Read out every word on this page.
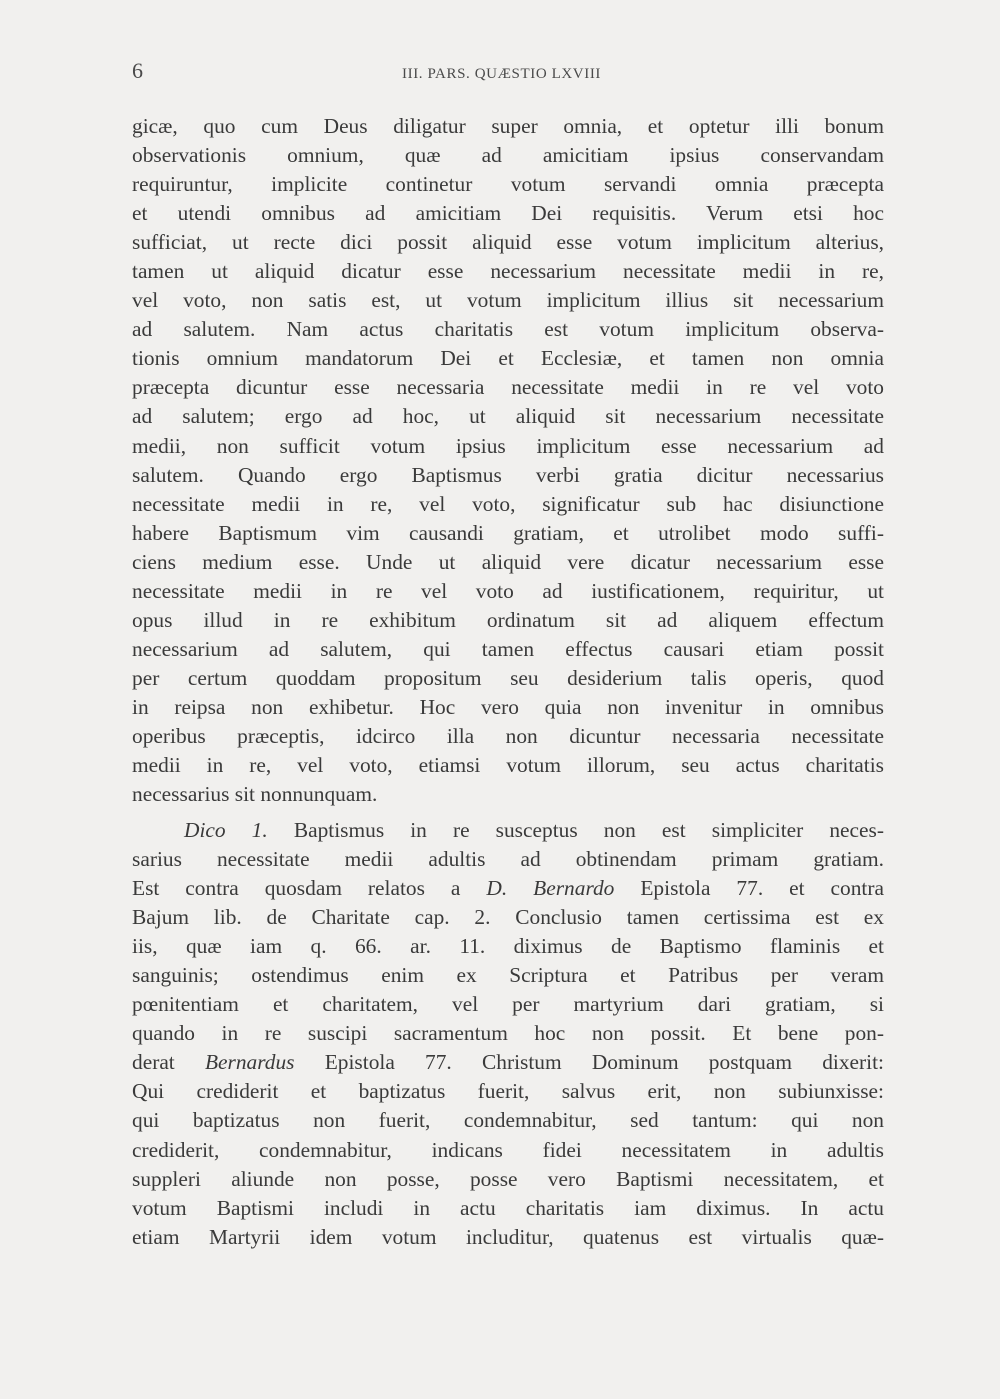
6	III. PARS. QUÆSTIO LXVIII
gicæ, quo cum Deus diligatur super omnia, et optetur illi bonum
observationis omnium, quæ ad amicitiam ipsius conservandam
requiruntur, implicite continetur votum servandi omnia præcepta
et utendi omnibus ad amicitiam Dei requisitis. Verum etsi hoc
sufficiat, ut recte dici possit aliquid esse votum implicitum alterius,
tamen ut aliquid dicatur esse necessarium necessitate medii in re,
vel voto, non satis est, ut votum implicitum illius sit necessarium
ad salutem. Nam actus charitatis est votum implicitum observa-
tionis omnium mandatorum Dei et Ecclesiæ, et tamen non omnia
præcepta dicuntur esse necessaria necessitate medii in re vel voto
ad salutem; ergo ad hoc, ut aliquid sit necessarium necessitate
medii, non sufficit votum ipsius implicitum esse necessarium ad
salutem. Quando ergo Baptismus verbi gratia dicitur necessarius
necessitate medii in re, vel voto, significatur sub hac disiunctione
habere Baptismum vim causandi gratiam, et utrolibet modo suffi-
ciens medium esse. Unde ut aliquid vere dicatur necessarium esse
necessitate medii in re vel voto ad iustificationem, requiritur, ut
opus illud in re exhibitum ordinatum sit ad aliquem effectum
necessarium ad salutem, qui tamen effectus causari etiam possit
per certum quoddam propositum seu desiderium talis operis, quod
in reipsa non exhibetur. Hoc vero quia non invenitur in omnibus
operibus præceptis, idcirco illa non dicuntur necessaria necessitate
medii in re, vel voto, etiamsi votum illorum, seu actus charitatis
necessarius sit nonnunquam.
Dico 1. Baptismus in re susceptus non est simpliciter neces-
sarius necessitate medii adultis ad obtinendam primam gratiam.
Est contra quosdam relatos a D. Bernardo Epistola 77. et contra
Bajum lib. de Charitate cap. 2. Conclusio tamen certissima est ex
iis, quæ iam q. 66. ar. 11. diximus de Baptismo flaminis et
sanguinis; ostendimus enim ex Scriptura et Patribus per veram
pœnitentiam et charitatem, vel per martyrium dari gratiam, si
quando in re suscipi sacramentum hoc non possit. Et bene pon-
derat Bernardus Epistola 77. Christum Dominum postquam dixerit:
Qui crediderit et baptizatus fuerit, salvus erit, non subiunxisse:
qui baptizatus non fuerit, condemnabitur, sed tantum: qui non
crediderit, condemnabitur, indicans fidei necessitatem in adultis
suppleri aliunde non posse, posse vero Baptismi necessitatem, et
votum Baptismi includi in actu charitatis iam diximus. In actu
etiam Martyrii idem votum includitur, quatenus est virtualis quæ-
